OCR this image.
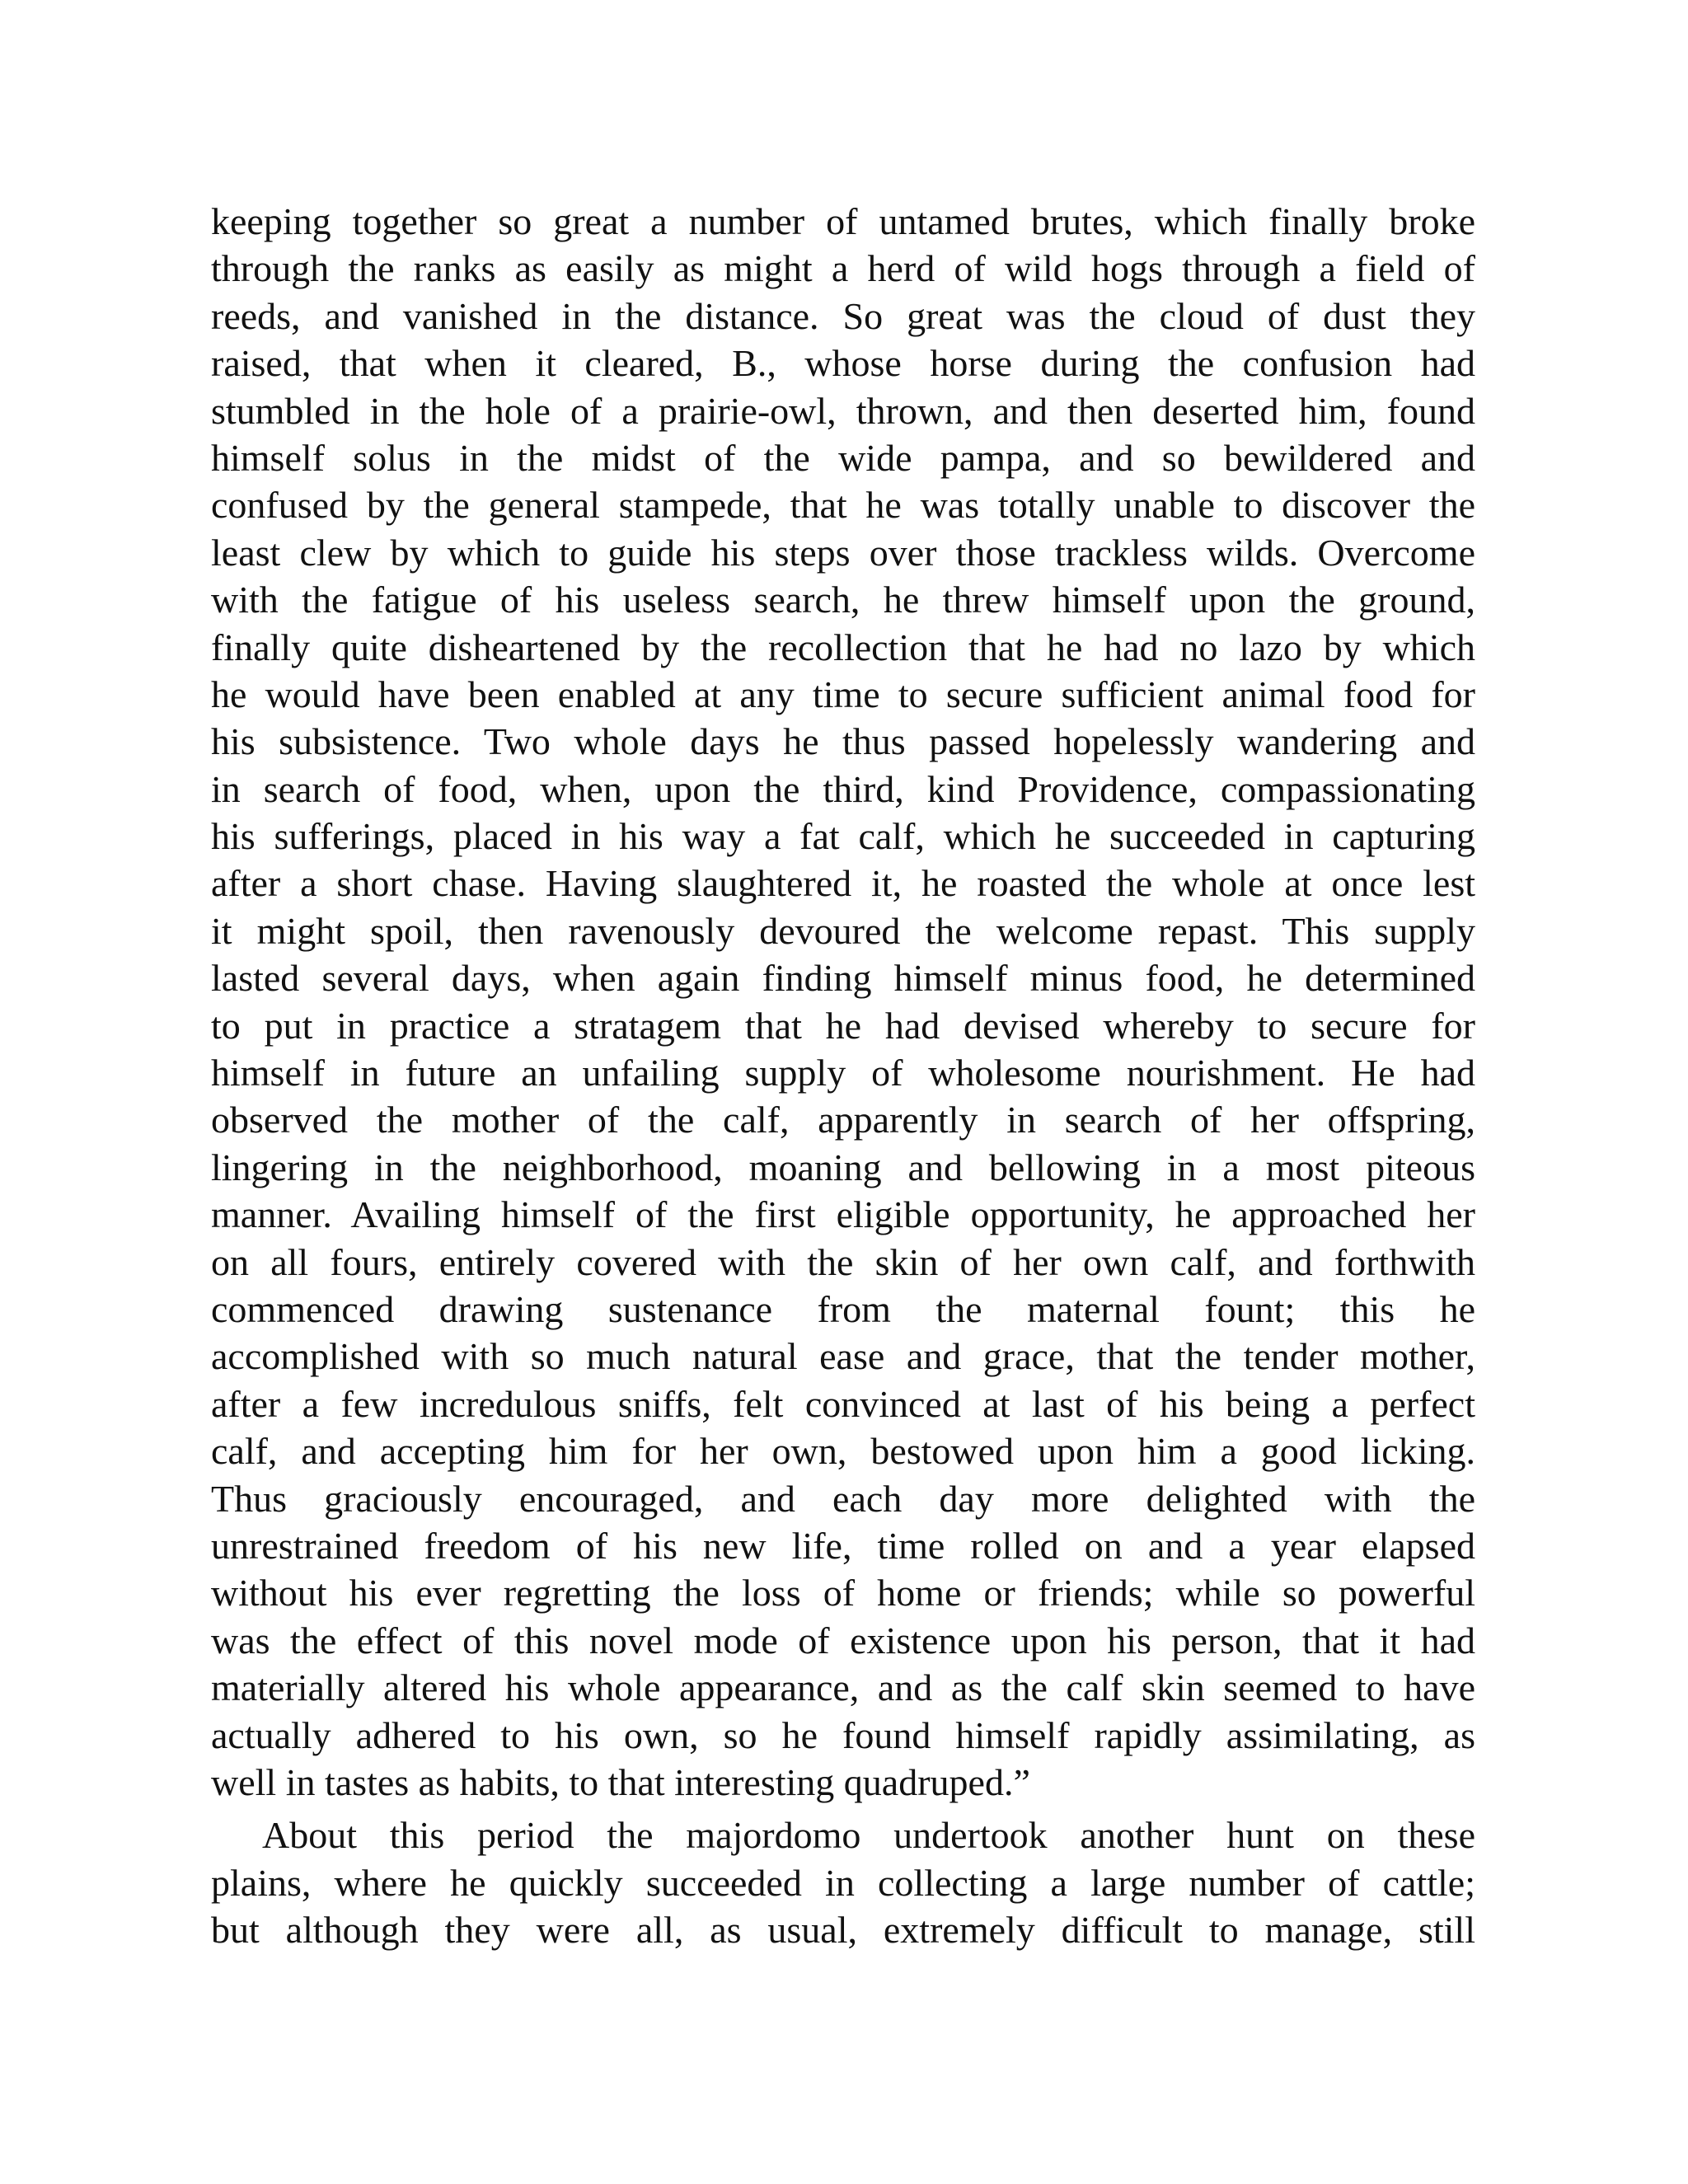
keeping together so great a number of untamed brutes, which finally broke
through the ranks as easily as might a herd of wild hogs through a field of
reeds, and vanished in the distance. So great was the cloud of dust they
raised, that when it cleared, B., whose horse during the confusion had
stumbled in the hole of a prairie-owl, thrown, and then deserted him, found
himself solus in the midst of the wide pampa, and so bewildered and
confused by the general stampede, that he was totally unable to discover the
least clew by which to guide his steps over those trackless wilds. Overcome
with the fatigue of his useless search, he threw himself upon the ground,
finally quite disheartened by the recollection that he had no lazo by which
he would have been enabled at any time to secure sufficient animal food for
his subsistence. Two whole days he thus passed hopelessly wandering and
in search of food, when, upon the third, kind Providence, compassionating
his sufferings, placed in his way a fat calf, which he succeeded in capturing
after a short chase. Having slaughtered it, he roasted the whole at once lest
it might spoil, then ravenously devoured the welcome repast. This supply
lasted several days, when again finding himself minus food, he determined
to put in practice a stratagem that he had devised whereby to secure for
himself in future an unfailing supply of wholesome nourishment. He had
observed the mother of the calf, apparently in search of her offspring,
lingering in the neighborhood, moaning and bellowing in a most piteous
manner. Availing himself of the first eligible opportunity, he approached her
on all fours, entirely covered with the skin of her own calf, and forthwith
commenced drawing sustenance from the maternal fount; this he
accomplished with so much natural ease and grace, that the tender mother,
after a few incredulous sniffs, felt convinced at last of his being a perfect
calf, and accepting him for her own, bestowed upon him a good licking.
Thus graciously encouraged, and each day more delighted with the
unrestrained freedom of his new life, time rolled on and a year elapsed
without his ever regretting the loss of home or friends; while so powerful
was the effect of this novel mode of existence upon his person, that it had
materially altered his whole appearance, and as the calf skin seemed to have
actually adhered to his own, so he found himself rapidly assimilating, as
well in tastes as habits, to that interesting quadruped.”
About this period the majordomo undertook another hunt on these
plains, where he quickly succeeded in collecting a large number of cattle;
but although they were all, as usual, extremely difficult to manage, still
